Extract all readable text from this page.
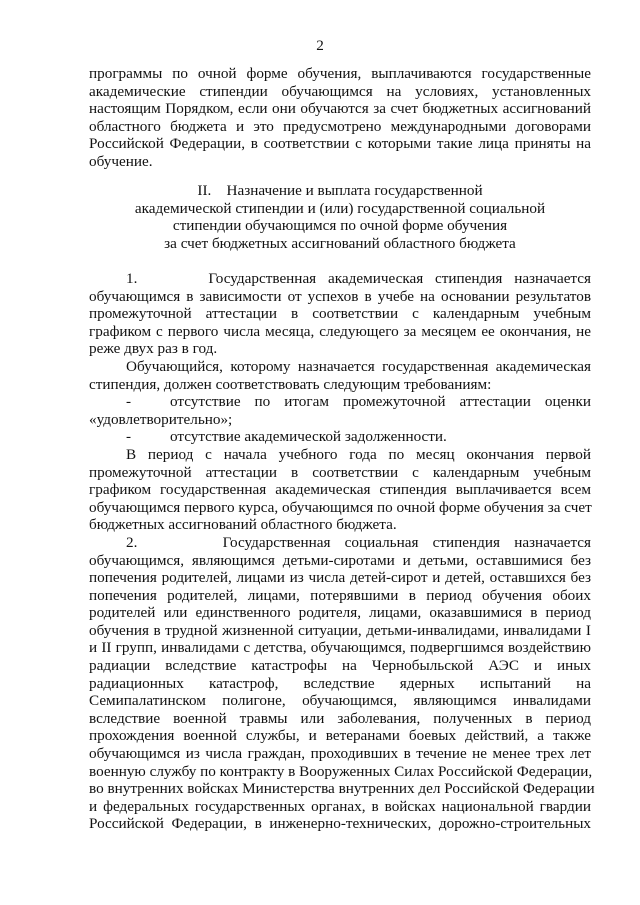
2
программы по очной форме обучения, выплачиваются государственные
академические стипендии обучающимся на условиях, установленных
настоящим Порядком, если они обучаются за счет бюджетных ассигнований
областного бюджета и это предусмотрено международными договорами
Российской Федерации, в соответствии с которыми такие лица приняты на
обучение.
II.    Назначение и выплата государственной
академической стипендии и (или) государственной социальной
стипендии обучающимся по очной форме обучения
за счет бюджетных ассигнований областного бюджета
1.      Государственная академическая стипендия назначается
обучающимся в зависимости от успехов в учебе на основании результатов
промежуточной аттестации в соответствии с календарным учебным
графиком с первого числа месяца, следующего за месяцем ее окончания, не
реже двух раз в год.
Обучающийся, которому назначается государственная академическая
стипендия, должен соответствовать следующим требованиям:
-	отсутствие по итогам промежуточной аттестации оценки
«удовлетворительно»;
-	отсутствие академической задолженности.
В период с начала учебного года по месяц окончания первой
промежуточной аттестации в соответствии с календарным учебным
графиком государственная академическая стипендия выплачивается всем
обучающимся первого курса, обучающимся по очной форме обучения за счет
бюджетных ассигнований областного бюджета.
2.      Государственная социальная стипендия назначается
обучающимся, являющимся детьми-сиротами и детьми, оставшимися без
попечения родителей, лицами из числа детей-сирот и детей, оставшихся без
попечения родителей, лицами, потерявшими в период обучения обоих
родителей или единственного родителя, лицами, оказавшимися в период
обучения в трудной жизненной ситуации, детьми-инвалидами, инвалидами I
и II групп, инвалидами с детства, обучающимся, подвергшимся воздействию
радиации вследствие катастрофы на Чернобыльской АЭС и иных
радиационных катастроф, вследствие ядерных испытаний на
Семипалатинском полигоне, обучающимся, являющимся инвалидами
вследствие военной травмы или заболевания, полученных в период
прохождения военной службы, и ветеранами боевых действий, а также
обучающимся из числа граждан, проходивших в течение не менее трех лет
военную службу по контракту в Вооруженных Силах Российской Федерации,
во внутренних войсках Министерства внутренних дел Российской Федерации
и федеральных государственных органах, в войсках национальной гвардии
Российской Федерации, в инженерно-технических, дорожно-строительных
